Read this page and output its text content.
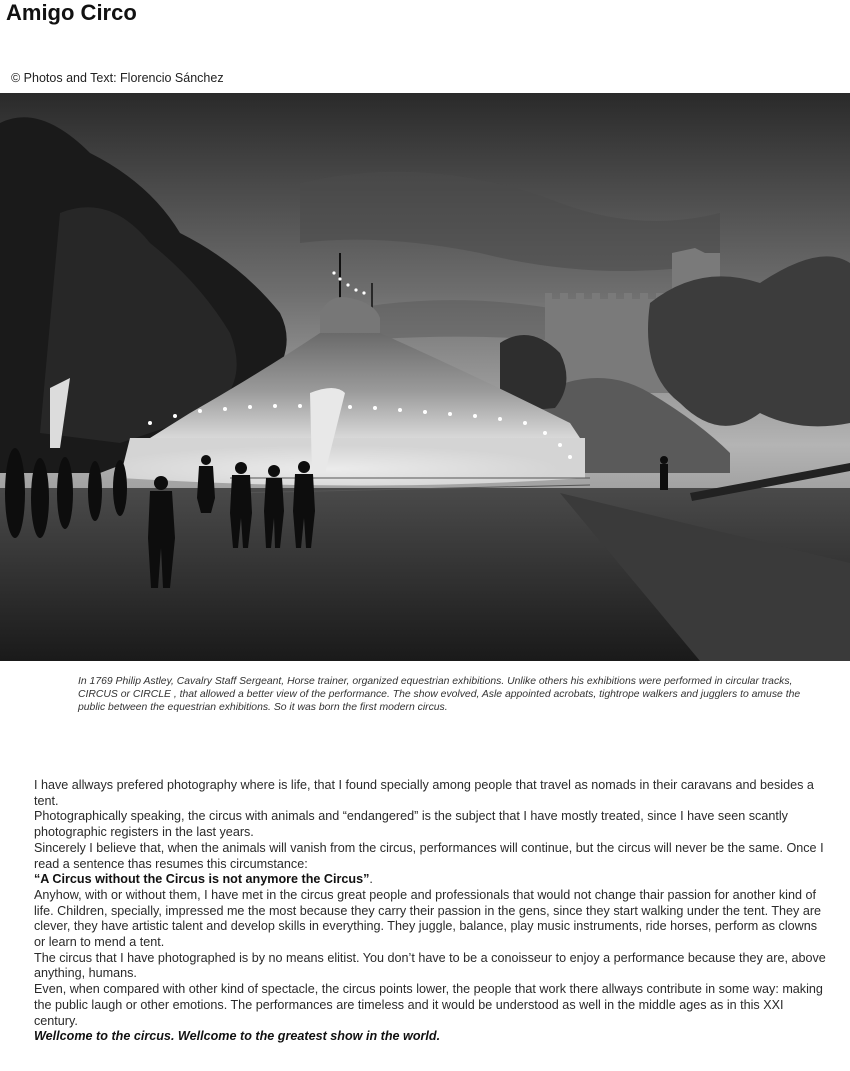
Amigo Circo
© Photos and Text: Florencio Sánchez
In 1769 Philip Astley, Cavalry Staff Sergeant, Horse trainer, organized equestrian exhibitions. Unlike others his exhibitions were performed in circular tracks, CIRCUS or CIRCLE , that allowed a better view of the performance. The show evolved, Asle appointed acrobats, tightrope walkers and jugglers to amuse the public between the equestrian exhibitions. So it was born the first modern circus.

I have allways prefered photography where is life, that I found specially among people that travel as nomads in their caravans and besides a tent.

Photographically speaking, the circus with animals and “endangered” is the subject that I have mostly treated, since I have seen scantly photographic registers in the last years.

Sincerely I believe that, when the animals will vanish from the circus, performances will continue, but the circus will never be the same. Once I read a sentence thas resumes this circumstance:

“A Circus without the Circus is not anymore the Circus”.

Anyhow, with or without them, I have met in the circus great people and professionals that would not change thair passion for another kind of life. Children, specially, impressed me the most because they carry their passion in the gens, since they start walking under the tent. They are clever, they have artistic talent and develop skills in everything. They juggle, balance, play music instruments, ride horses, perform as clowns or learn to mend a tent.

The circus that I have photographed is by no means elitist. You don’t have to be a conoisseur to enjoy a performance because they are, above anything, humans.

Even, when compared with other kind of spectacle, the circus points lower, the people that work there allways contribute in some way: making the public laugh or other emotions. The performances are timeless and it would be understood as well in the middle ages as in this XXI century.

Wellcome to the circus. Wellcome to the greatest show in the world.
